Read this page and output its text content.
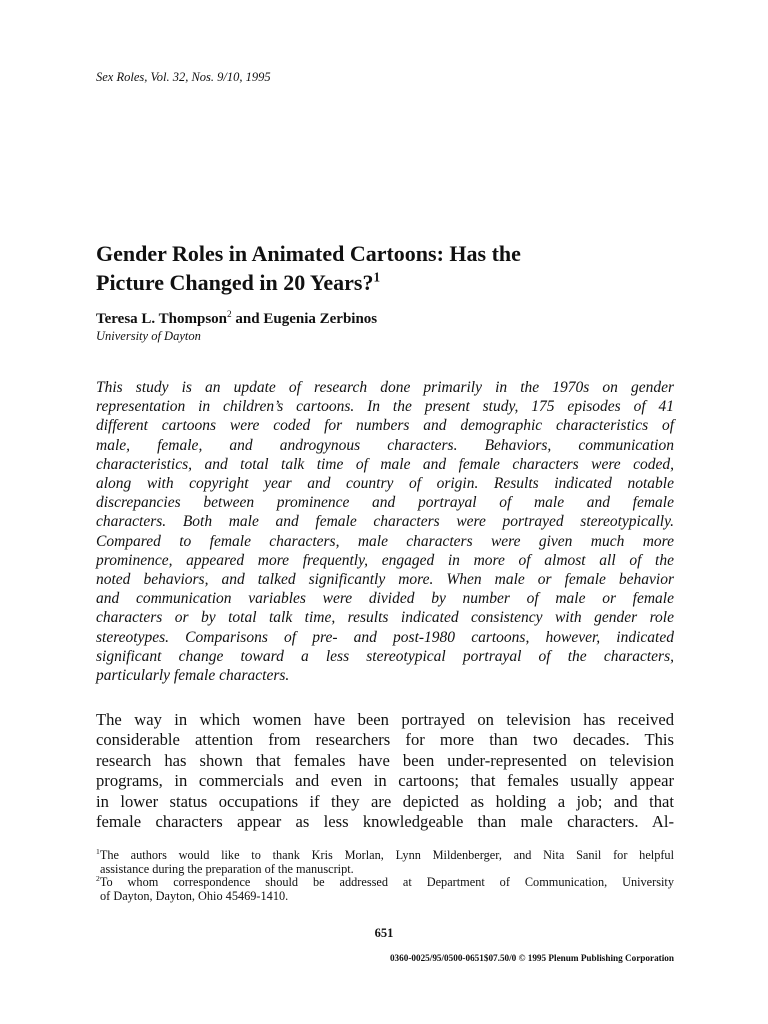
Sex Roles, Vol. 32, Nos. 9/10, 1995
Gender Roles in Animated Cartoons: Has the
Picture Changed in 20 Years?$^1$
Teresa L. Thompson$^2$ and Eugenia Zerbinos
University of Dayton
This study is an update of research done primarily in the 1970s on gender
representation in children’s cartoons. In the present study, 175 episodes of 41
different cartoons were coded for numbers and demographic characteristics of
male, female, and androgynous characters. Behaviors, communication
characteristics, and total talk time of male and female characters were coded,
along with copyright year and country of origin. Results indicated notable
discrepancies between prominence and portrayal of male and female
characters. Both male and female characters were portrayed stereotypically.
Compared to female characters, male characters were given much more
prominence, appeared more frequently, engaged in more of almost all of the
noted behaviors, and talked significantly more. When male or female behavior
and communication variables were divided by number of male or female
characters or by total talk time, results indicated consistency with gender role
stereotypes. Comparisons of pre- and post-1980 cartoons, however, indicated
significant change toward a less stereotypical portrayal of the characters,
particularly female characters.
The way in which women have been portrayed on television has received
considerable attention from researchers for more than two decades. This
research has shown that females have been under-represented on television
programs, in commercials and even in cartoons; that females usually appear
in lower status occupations if they are depicted as holding a job; and that
female characters appear as less knowledgeable than male characters. Al-
$^1$The authors would like to thank Kris Morlan, Lynn Mildenberger, and Nita Sanil for helpful
assistance during the preparation of the manuscript.
$^2$To whom correspondence should be addressed at Department of Communication, University
of Dayton, Dayton, Ohio 45469-1410.
651
0360-0025/95/0500-0651$07.50/0 © 1995 Plenum Publishing Corporation
